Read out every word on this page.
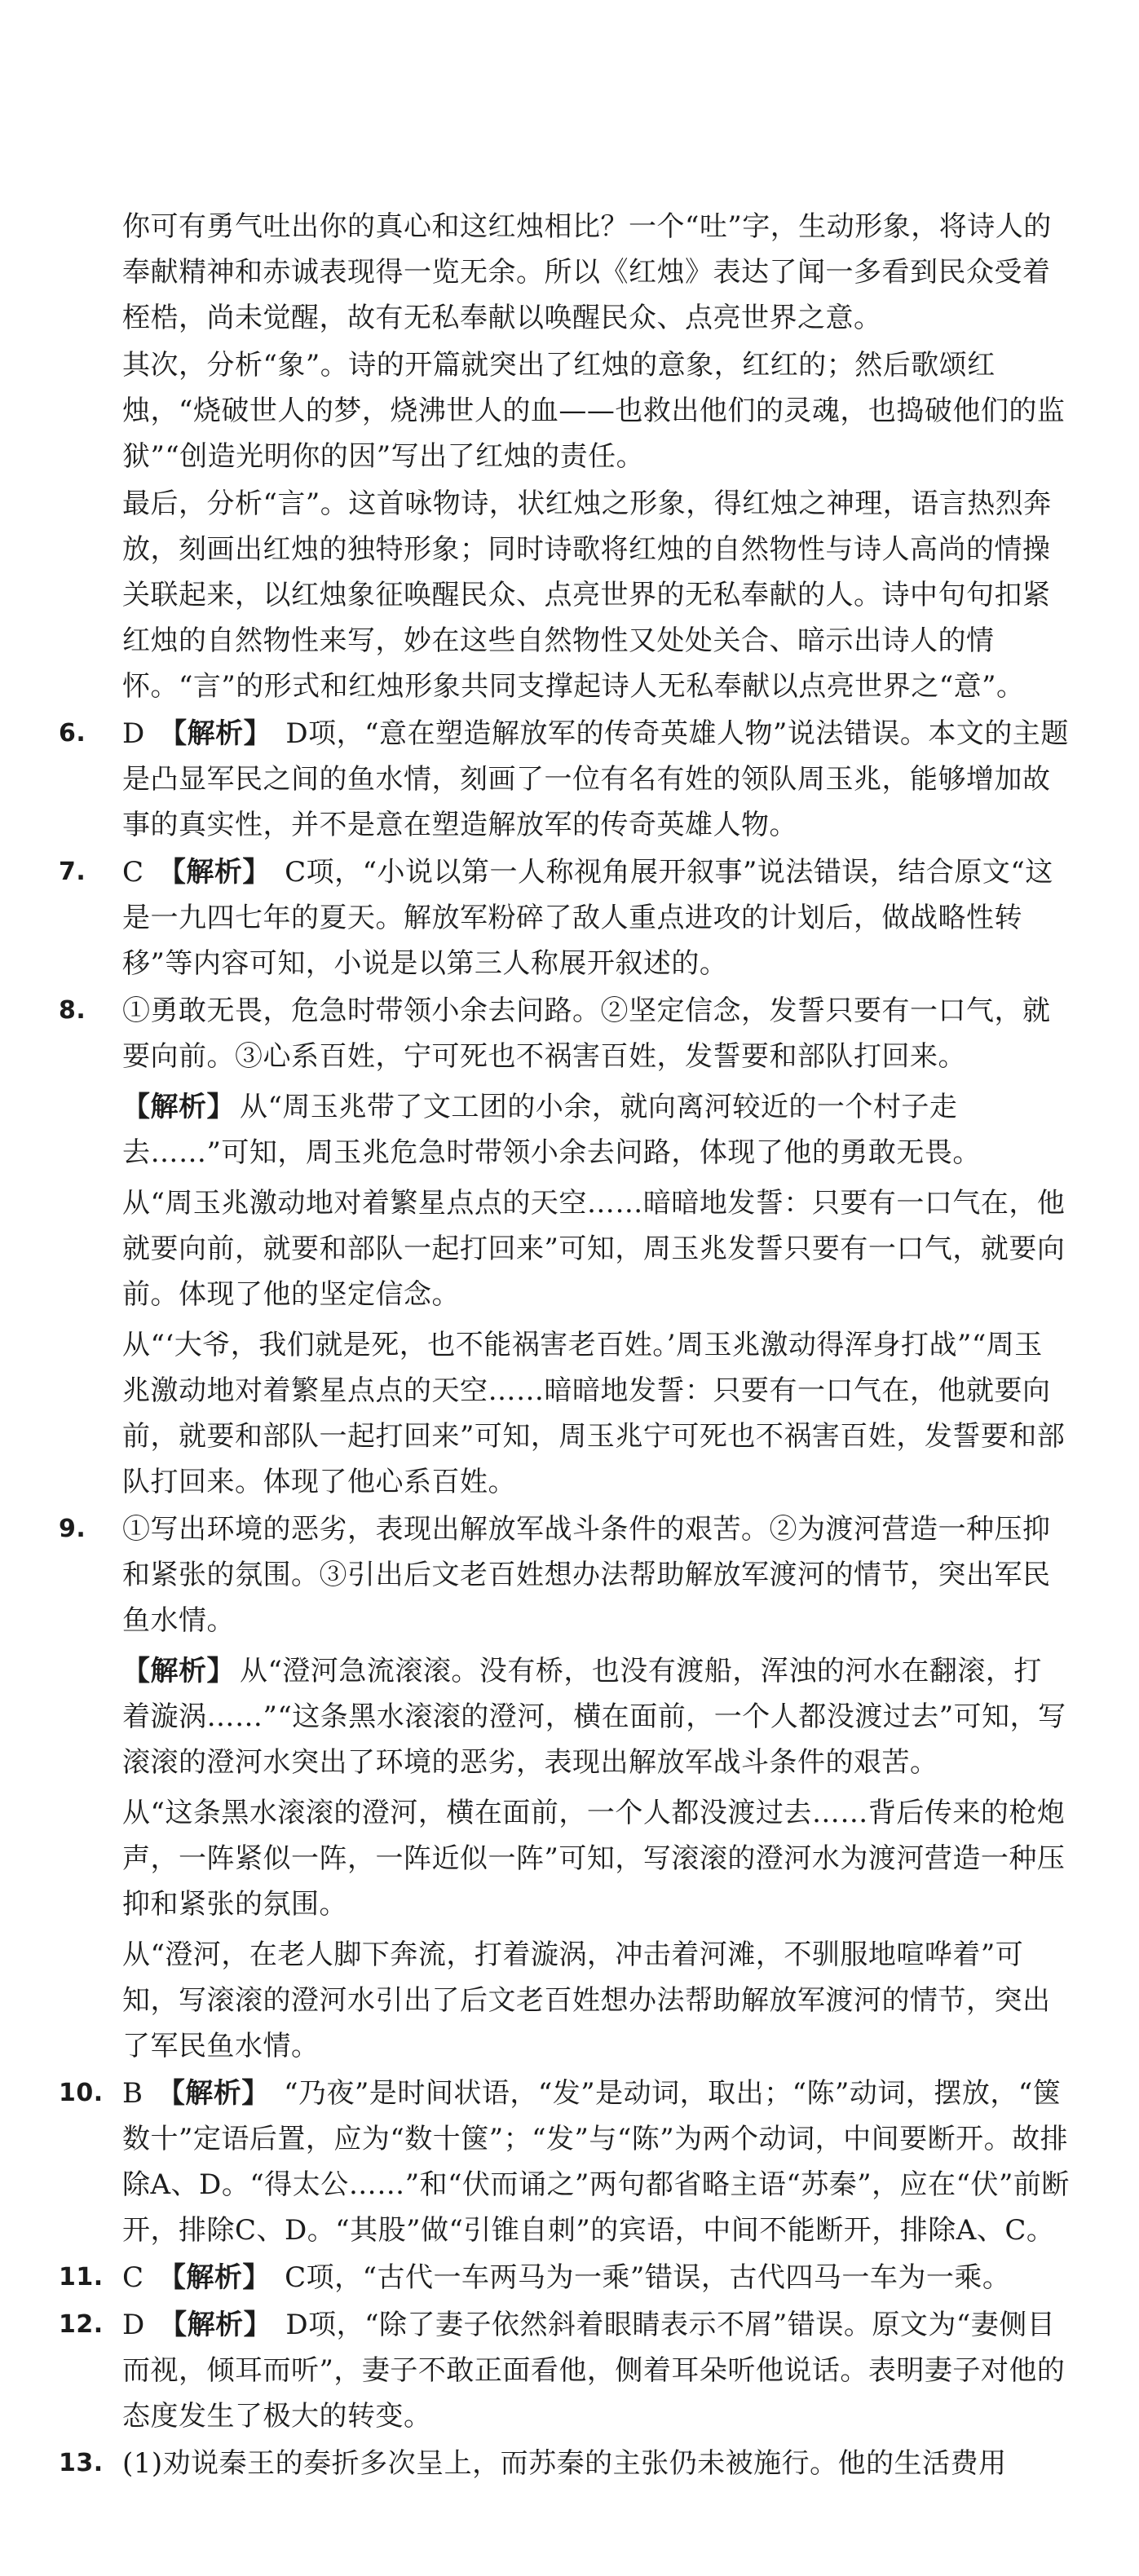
你可有勇气吐出你的真心和这红烛相比？一个“吐”字，生动形象，将诗人的奉献精神和赤诚表现得一览无余。所以《红烛》表达了闻一多看到民众受着桎梏，尚未觉醒，故有无私奉献以唤醒民众、点亮世界之意。

其次，分析“象”。诗的开篇就突出了红烛的意象，红红的；然后歌颂红烛，“烧破世人的梦，烧沸世人的血——也救出他们的灵魂，也捣破他们的监狱”“创造光明你的因”写出了红烛的责任。

最后，分析“言”。这首咏物诗，状红烛之形象，得红烛之神理，语言热烈奔放，刻画出红烛的独特形象；同时诗歌将红烛的自然物性与诗人高尚的情操关联起来，以红烛象征唤醒民众、点亮世界的无私奉献的人。诗中句句扣紧红烛的自然物性来写，妙在这些自然物性又处处关合、暗示出诗人的情怀。“言”的形式和红烛形象共同支撑起诗人无私奉献以点亮世界之“意”。

6. D 【解析】 D项，“意在塑造解放军的传奇英雄人物”说法错误。本文的主题是凸显军民之间的鱼水情，刻画了一位有名有姓的领队周玉兆，能够增加故事的真实性，并不是意在塑造解放军的传奇英雄人物。
7. C 【解析】 C项，“小说以第一人称视角展开叙事”说法错误，结合原文“这是一九四七年的夏天。解放军粉碎了敌人重点进攻的计划后，做战略性转移”等内容可知，小说是以第三人称展开叙述的。
8. ①勇敢无畏，危急时带领小余去问路。②坚定信念，发誓只要有一口气，就要向前。③心系百姓，宁可死也不祸害百姓，发誓要和部队打回来。

【解析】 从“周玉兆带了文工团的小余，就向离河较近的一个村子走去……”可知，周玉兆危急时带领小余去问路，体现了他的勇敢无畏。

从“周玉兆激动地对着繁星点点的天空……暗暗地发誓：只要有一口气在，他就要向前，就要和部队一起打回来”可知，周玉兆发誓只要有一口气，就要向前。体现了他的坚定信念。

从“‘大爷，我们就是死，也不能祸害老百姓。’周玉兆激动得浑身打战”“周玉兆激动地对着繁星点点的天空……暗暗地发誓：只要有一口气在，他就要向前，就要和部队一起打回来”可知，周玉兆宁可死也不祸害百姓，发誓要和部队打回来。体现了他心系百姓。

9. ①写出环境的恶劣，表现出解放军战斗条件的艰苦。②为渡河营造一种压抑和紧张的氛围。③引出后文老百姓想办法帮助解放军渡河的情节，突出军民鱼水情。

【解析】 从“澄河急流滚滚。没有桥，也没有渡船，浑浊的河水在翻滚，打着漩涡……”“这条黑水滚滚的澄河，横在面前，一个人都没渡过去”可知，写滚滚的澄河水突出了环境的恶劣，表现出解放军战斗条件的艰苦。

从“这条黑水滚滚的澄河，横在面前，一个人都没渡过去……背后传来的枪炮声，一阵紧似一阵，一阵近似一阵”可知，写滚滚的澄河水为渡河营造一种压抑和紧张的氛围。

从“澄河，在老人脚下奔流，打着漩涡，冲击着河滩，不驯服地喧哗着”可知，写滚滚的澄河水引出了后文老百姓想办法帮助解放军渡河的情节，突出了军民鱼水情。

10. B 【解析】 “乃夜”是时间状语，“发”是动词，取出；“陈”动词，摆放，“箧数十”定语后置，应为“数十箧”；“发”与“陈”为两个动词，中间要断开。故排除A、D。“得太公……”和“伏而诵之”两句都省略主语“苏秦”，应在“伏”前断开，排除C、D。“其股”做“引锥自刺”的宾语，中间不能断开，排除A、C。
11. C 【解析】 C项，“古代一车两马为一乘”错误，古代四马一车为一乘。
12. D 【解析】 D项，“除了妻子依然斜着眼睛表示不屑”错误。原文为“妻侧目而视，倾耳而听”，妻子不敢正面看他，侧着耳朵听他说话。表明妻子对他的态度发生了极大的转变。
13. (1)劝说秦王的奏折多次呈上，而苏秦的主张仍未被施行。他的生活费用
